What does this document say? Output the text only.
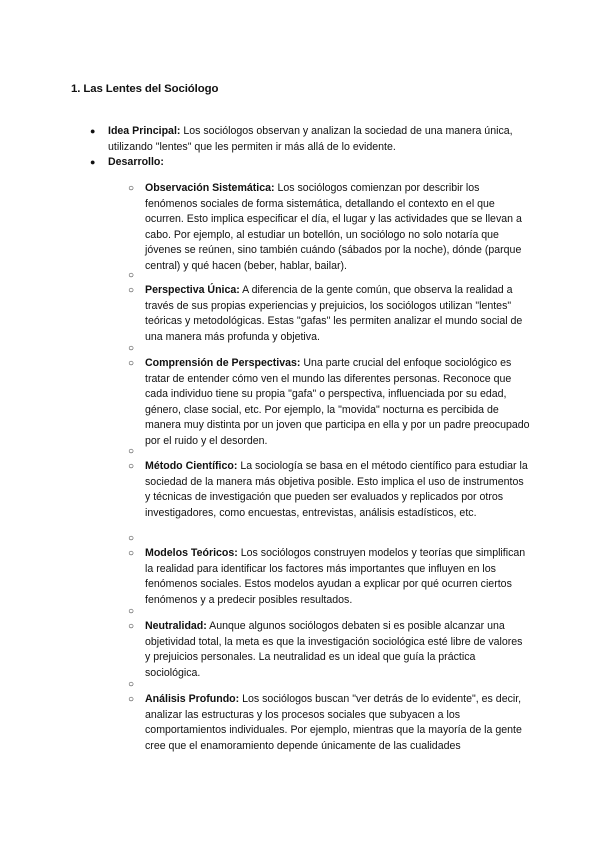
1. Las Lentes del Sociólogo
● Idea Principal: Los sociólogos observan y analizan la sociedad de una manera única, utilizando "lentes" que les permiten ir más allá de lo evidente.
● Desarrollo:
○ Observación Sistemática: Los sociólogos comienzan por describir los fenómenos sociales de forma sistemática, detallando el contexto en el que ocurren. Esto implica especificar el día, el lugar y las actividades que se llevan a cabo. Por ejemplo, al estudiar un botellón, un sociólogo no solo notaría que jóvenes se reúnen, sino también cuándo (sábados por la noche), dónde (parque central) y qué hacen (beber, hablar, bailar).
○
○ Perspectiva Única: A diferencia de la gente común, que observa la realidad a través de sus propias experiencias y prejuicios, los sociólogos utilizan "lentes" teóricas y metodológicas. Estas "gafas" les permiten analizar el mundo social de una manera más profunda y objetiva.
○
○ Comprensión de Perspectivas: Una parte crucial del enfoque sociológico es tratar de entender cómo ven el mundo las diferentes personas. Reconoce que cada individuo tiene su propia "gafa" o perspectiva, influenciada por su edad, género, clase social, etc. Por ejemplo, la "movida" nocturna es percibida de manera muy distinta por un joven que participa en ella y por un padre preocupado por el ruido y el desorden.
○
○ Método Científico: La sociología se basa en el método científico para estudiar la sociedad de la manera más objetiva posible. Esto implica el uso de instrumentos y técnicas de investigación que pueden ser evaluados y replicados por otros investigadores, como encuestas, entrevistas, análisis estadísticos, etc.
○
○ Modelos Teóricos: Los sociólogos construyen modelos y teorías que simplifican la realidad para identificar los factores más importantes que influyen en los fenómenos sociales. Estos modelos ayudan a explicar por qué ocurren ciertos fenómenos y a predecir posibles resultados.
○
○ Neutralidad: Aunque algunos sociólogos debaten si es posible alcanzar una objetividad total, la meta es que la investigación sociológica esté libre de valores y prejuicios personales. La neutralidad es un ideal que guía la práctica sociológica.
○
○ Análisis Profundo: Los sociólogos buscan "ver detrás de lo evidente", es decir, analizar las estructuras y los procesos sociales que subyacen a los comportamientos individuales. Por ejemplo, mientras que la mayoría de la gente cree que el enamoramiento depende únicamente de las cualidades
